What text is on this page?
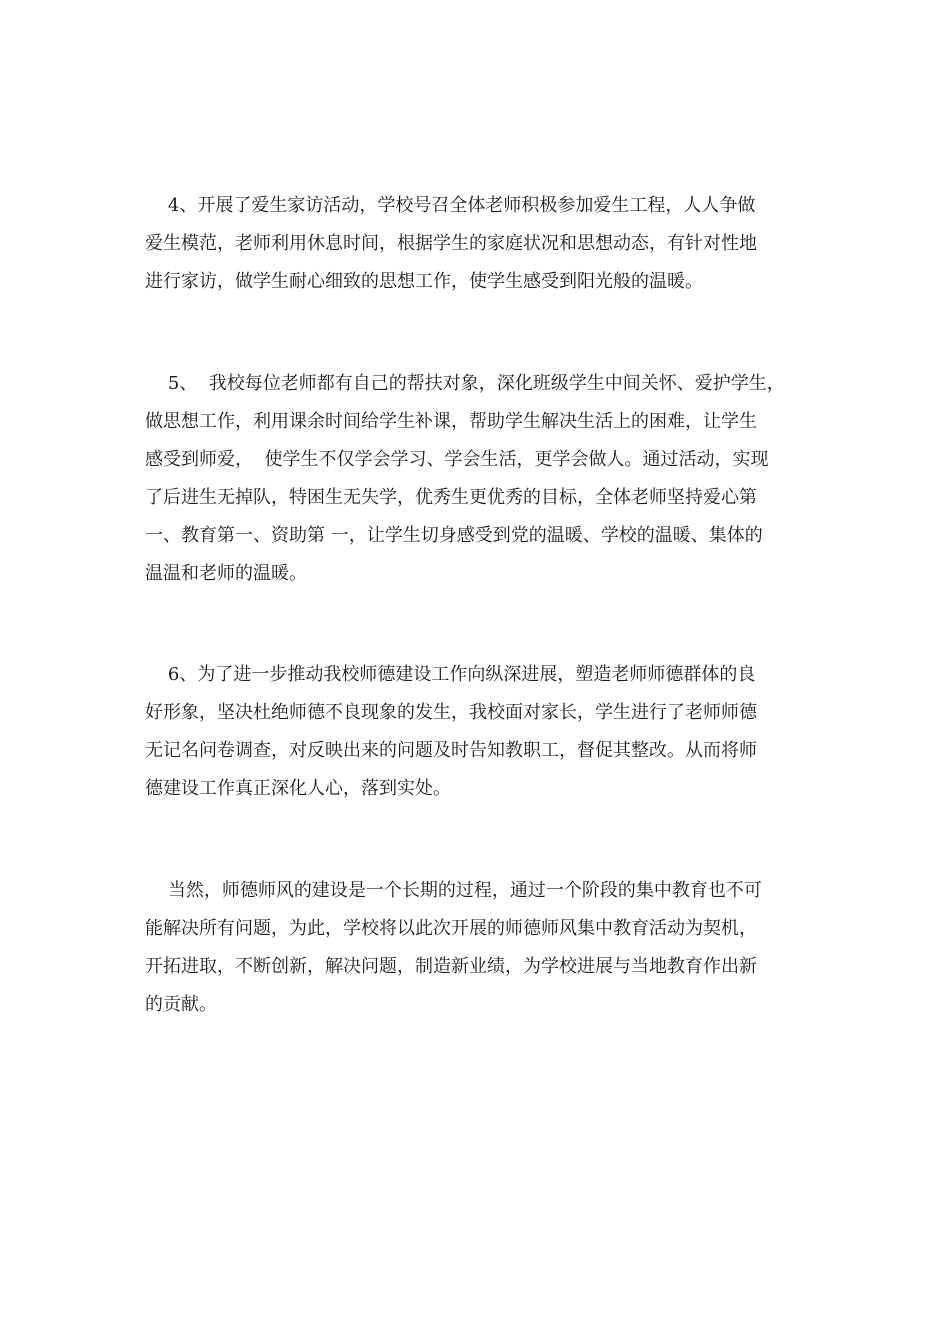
4、开展了爱生家访活动，学校号召全体老师积极参加爱生工程，人人争做

爱生模范，老师利用休息时间，根据学生的家庭状况和思想动态，有针对性地

进行家访，做学生耐心细致的思想工作，使学生感受到阳光般的温暖。

5、  我校每位老师都有自己的帮扶对象，深化班级学生中间关怀、爱护学生，

做思想工作，利用课余时间给学生补课，帮助学生解决生活上的困难，让学生

感受到师爱，  使学生不仅学会学习、学会生活，更学会做人。通过活动，实现

了后进生无掉队，特困生无失学，优秀生更优秀的目标，全体老师坚持爱心第

一、教育第一、资助第 一，让学生切身感受到党的温暖、学校的温暖、集体的

温温和老师的温暖。

6、为了进一步推动我校师德建设工作向纵深进展，塑造老师师德群体的良

好形象，坚决杜绝师德不良现象的发生，我校面对家长，学生进行了老师师德

无记名问卷调查，对反映出来的问题及时告知教职工，督促其整改。从而将师

德建设工作真正深化人心，落到实处。

当然，师德师风的建设是一个长期的过程，通过一个阶段的集中教育也不可

能解决所有问题，为此，学校将以此次开展的师德师风集中教育活动为契机，

开拓进取，不断创新，解决问题，制造新业绩，为学校进展与当地教育作出新

的贡献。
